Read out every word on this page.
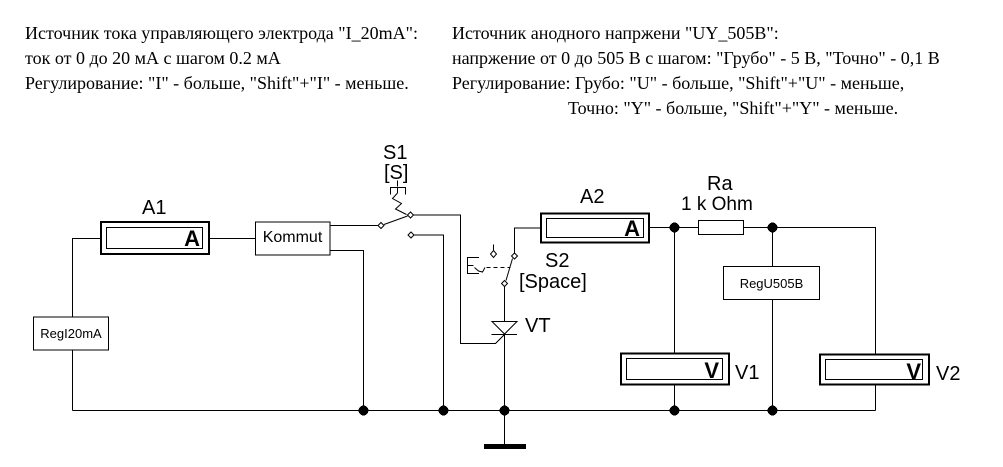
Источник тока управляющего электрода "I_20mA":
ток от 0 до 20 мА с шагом 0.2 мА
Регулирование: "I" - больше, "Shift"+"I" - меньше.
Источник анодного напржени "UY_505B":
напржение от 0 до 505 В с шагом: "Грубо" - 5 В, "Точно" - 0,1 В
Регулирование: Грубо: "U" - больше, "Shift"+"U" - меньше,
Точно: "Y" - больше, "Shift"+"Y" - меньше.
A
A1
Kommut
RegI20mA
S1
[S]
A
A2
S2
[Space]
VT
Ra
1 k Ohm
RegU505B
V V1	V V2
